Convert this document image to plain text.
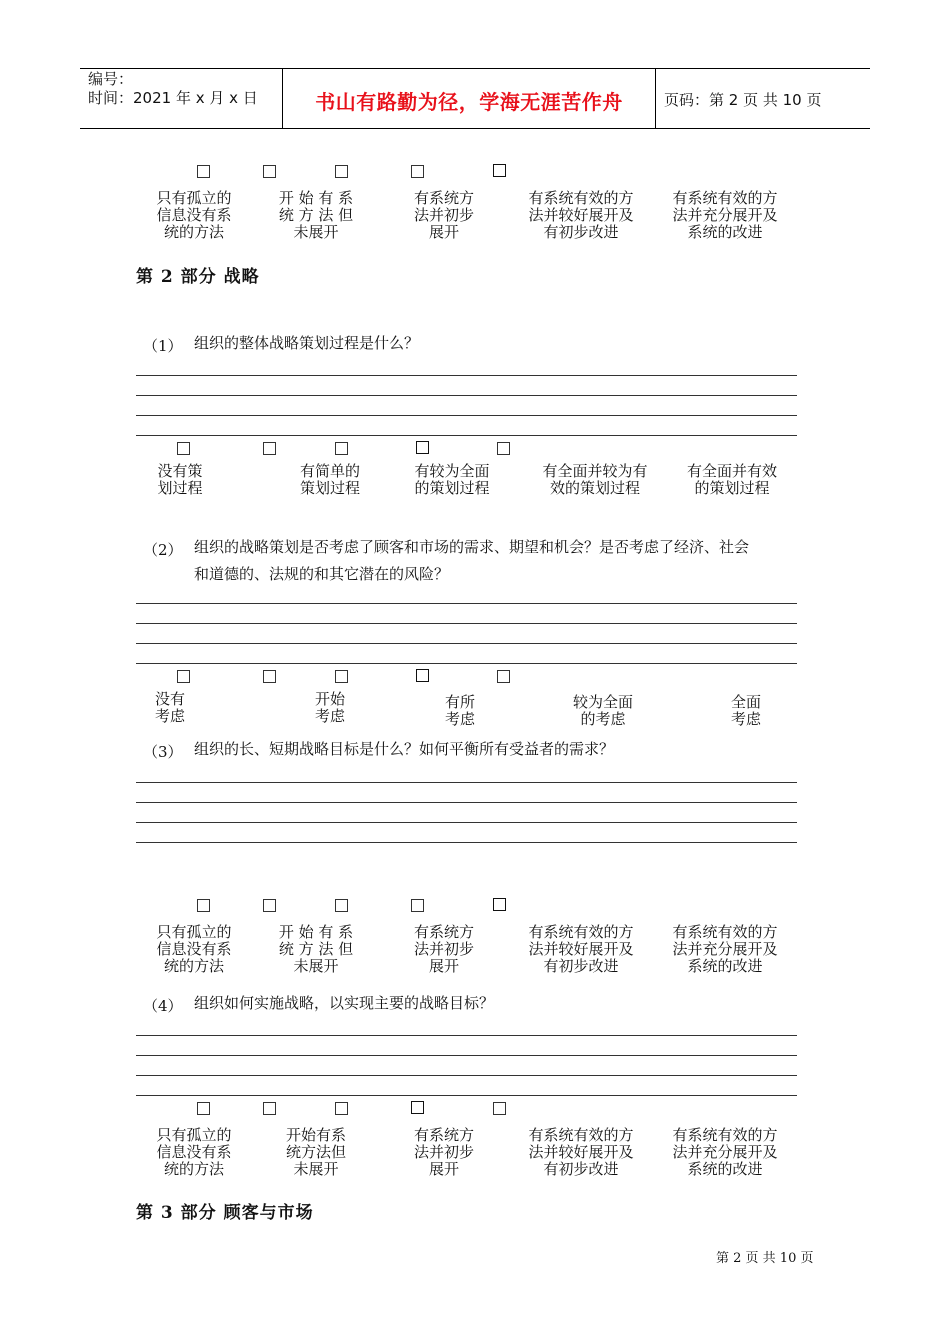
编号：
时间：2021 年 x 月 x 日	书山有路勤为径，学海无涯苦作舟	页码：第 2 页 共 10 页
只有孤立的
信息没有系
统的方法
开 始 有 系
统 方 法 但
未展开
有系统方
法并初步
展开
有系统有效的方
法并较好展开及
有初步改进
有系统有效的方
法并充分展开及
系统的改进
第 2 部分 战略
（1） 组织的整体战略策划过程是什么？
没有策
划过程
有简单的
策划过程
有较为全面
的策划过程
有全面并较为有
效的策划过程
有全面并有效
的策划过程
（2） 组织的战略策划是否考虑了顾客和市场的需求、期望和机会？是否考虑了经济、社会
和道德的、法规的和其它潜在的风险？
没有
考虑
开始
考虑
有所
考虑
较为全面
的考虑
全面
考虑
（3） 组织的长、短期战略目标是什么？如何平衡所有受益者的需求？
只有孤立的
信息没有系
统的方法
开 始 有 系
统 方 法 但
未展开
有系统方
法并初步
展开
有系统有效的方
法并较好展开及
有初步改进
有系统有效的方
法并充分展开及
系统的改进
（4） 组织如何实施战略，以实现主要的战略目标？
只有孤立的
信息没有系
统的方法
开始有系
统方法但
未展开
有系统方
法并初步
展开
有系统有效的方
法并较好展开及
有初步改进
有系统有效的方
法并充分展开及
系统的改进
第 3 部分 顾客与市场
第 2 页 共 10 页
